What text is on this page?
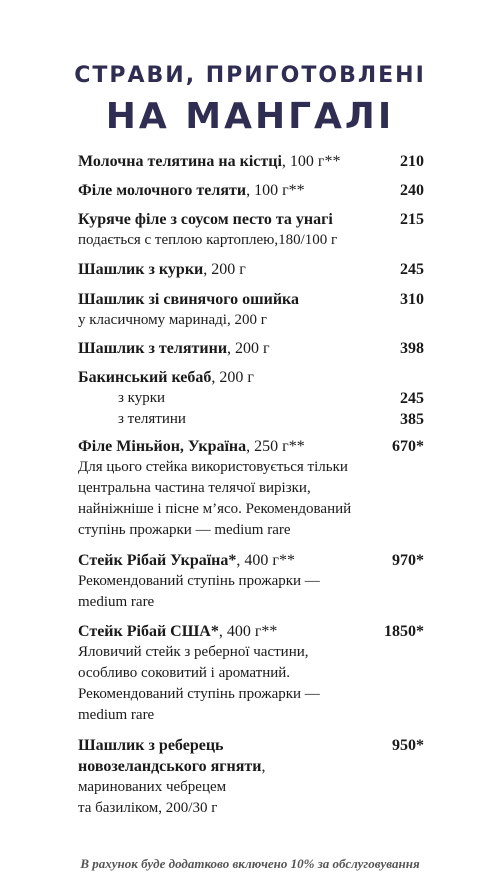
СТРАВИ, ПРИГОТОВЛЕНІ
НА МАНГАЛІ
Молочна телятина на кістці, 100 г**	210
Філе молочного теляти, 100 г**	240
Куряче філе з соусом песто та унагі	215
подається с теплою картоплею,180/100 г
Шашлик з курки, 200 г	245
Шашлик зі свинячого ошийка	310
у класичному маринаді, 200 г
Шашлик з телятини, 200 г	398
Бакинський кебаб, 200 г
з курки	245
з телятини	385
Філе Міньйон, Україна, 250 г**	670*
Для цього стейка використовується тільки
центральна частина телячої вирізки,
найніжніше і пісне м’ясо. Рекомендований
ступінь прожарки — medium rare
Стейк Рібай Україна*, 400 г**	970*
Рекомендований ступінь прожарки —
medium rare
Стейк Рібай США*, 400 г**	1850*
Яловичий стейк з реберної частини,
особливо соковитий і ароматний.
Рекомендований ступінь прожарки —
medium rare
Шашлик з реберець	950*
новозеландського ягняти,
маринованих чебрецем
та базиліком, 200/30 г
В рахунок буде додатково включено 10% за обслуговування
